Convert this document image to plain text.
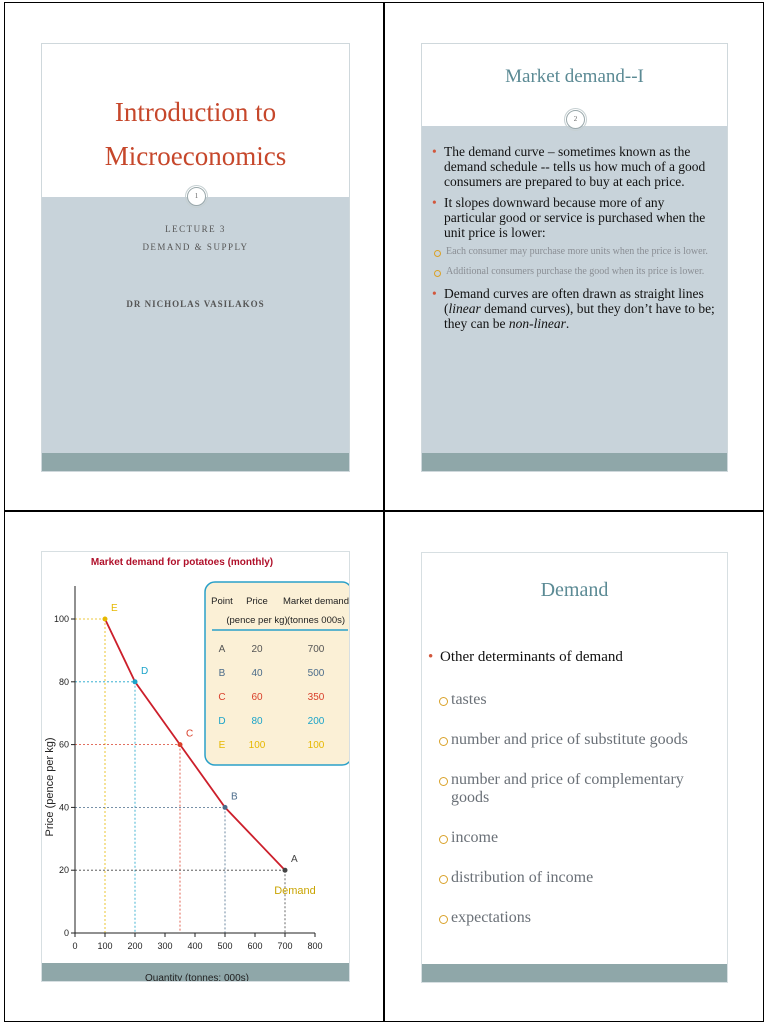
Introduction to
Microeconomics
1
LECTURE 3
DEMAND & SUPPLY
DR NICHOLAS VASILAKOS
Market demand--I
2
• The demand curve – sometimes known as the demand schedule -- tells us how much of a good consumers are prepared to buy at each price.
• It slopes downward because more of any particular good or service is purchased when the unit price is lower:
Each consumer may purchase more units when the price is lower.
Additional consumers purchase the good when its price is lower.
• Demand curves are often drawn as straight lines (linear demand curves), but they don’t have to be; they can be non-linear.
Market demand for potatoes (monthly)
0 100 200 300 400 500 600 700 800
0
20
40
60
80
100
E
D
C
B
A
Price (pence per kg)
Quantity (tonnes: 000s)
Demand
Point Price Market demand
(pence per kg) (tonnes 000s)
A	20	700
B	40	500
C	60	350
D	80	200
E 100	100
Demand
• Other determinants of demand
tastes
number and price of substitute goods
number and price of complementary goods
income
distribution of income
expectations
